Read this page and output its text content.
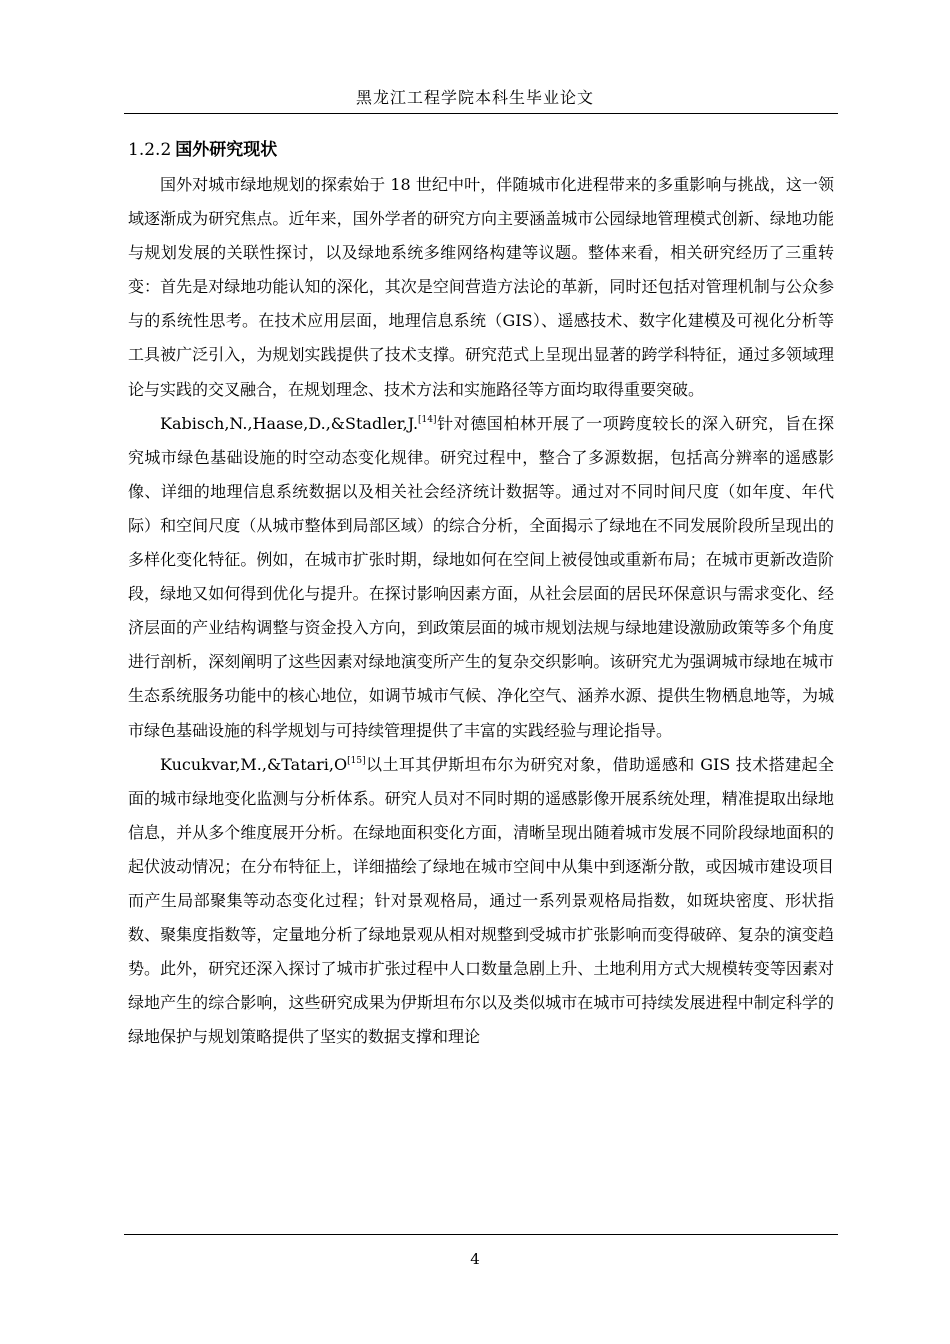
黑龙江工程学院本科生毕业论文
1.2.2 国外研究现状

国外对城市绿地规划的探索始于 18 世纪中叶，伴随城市化进程带来的多重影响与挑战，这一领域逐渐成为研究焦点。近年来，国外学者的研究方向主要涵盖城市公园绿地管理模式创新、绿地功能与规划发展的关联性探讨，以及绿地系统多维网络构建等议题。整体来看，相关研究经历了三重转变：首先是对绿地功能认知的深化，其次是空间营造方法论的革新，同时还包括对管理机制与公众参与的系统性思考。在技术应用层面，地理信息系统（GIS）、遥感技术、数字化建模及可视化分析等工具被广泛引入，为规划实践提供了技术支撑。研究范式上呈现出显著的跨学科特征，通过多领域理论与实践的交叉融合，在规划理念、技术方法和实施路径等方面均取得重要突破。

Kabisch,N.,Haase,D.,&Stadler,J.[14]针对德国柏林开展了一项跨度较长的深入研究，旨在探究城市绿色基础设施的时空动态变化规律。研究过程中，整合了多源数据，包括高分辨率的遥感影像、详细的地理信息系统数据以及相关社会经济统计数据等。通过对不同时间尺度（如年度、年代际）和空间尺度（从城市整体到局部区域）的综合分析，全面揭示了绿地在不同发展阶段所呈现出的多样化变化特征。例如，在城市扩张时期，绿地如何在空间上被侵蚀或重新布局；在城市更新改造阶段，绿地又如何得到优化与提升。在探讨影响因素方面，从社会层面的居民环保意识与需求变化、经济层面的产业结构调整与资金投入方向，到政策层面的城市规划法规与绿地建设激励政策等多个角度进行剖析，深刻阐明了这些因素对绿地演变所产生的复杂交织影响。该研究尤为强调城市绿地在城市生态系统服务功能中的核心地位，如调节城市气候、净化空气、涵养水源、提供生物栖息地等，为城市绿色基础设施的科学规划与可持续管理提供了丰富的实践经验与理论指导。

Kucukvar,M.,&Tatari,O[15]以土耳其伊斯坦布尔为研究对象，借助遥感和 GIS 技术搭建起全面的城市绿地变化监测与分析体系。研究人员对不同时期的遥感影像开展系统处理，精准提取出绿地信息，并从多个维度展开分析。在绿地面积变化方面，清晰呈现出随着城市发展不同阶段绿地面积的起伏波动情况；在分布特征上，详细描绘了绿地在城市空间中从集中到逐渐分散，或因城市建设项目而产生局部聚集等动态变化过程；针对景观格局，通过一系列景观格局指数，如斑块密度、形状指数、聚集度指数等，定量地分析了绿地景观从相对规整到受城市扩张影响而变得破碎、复杂的演变趋势。此外，研究还深入探讨了城市扩张过程中人口数量急剧上升、土地利用方式大规模转变等因素对绿地产生的综合影响，这些研究成果为伊斯坦布尔以及类似城市在城市可持续发展进程中制定科学的绿地保护与规划策略提供了坚实的数据支撑和理论

4
